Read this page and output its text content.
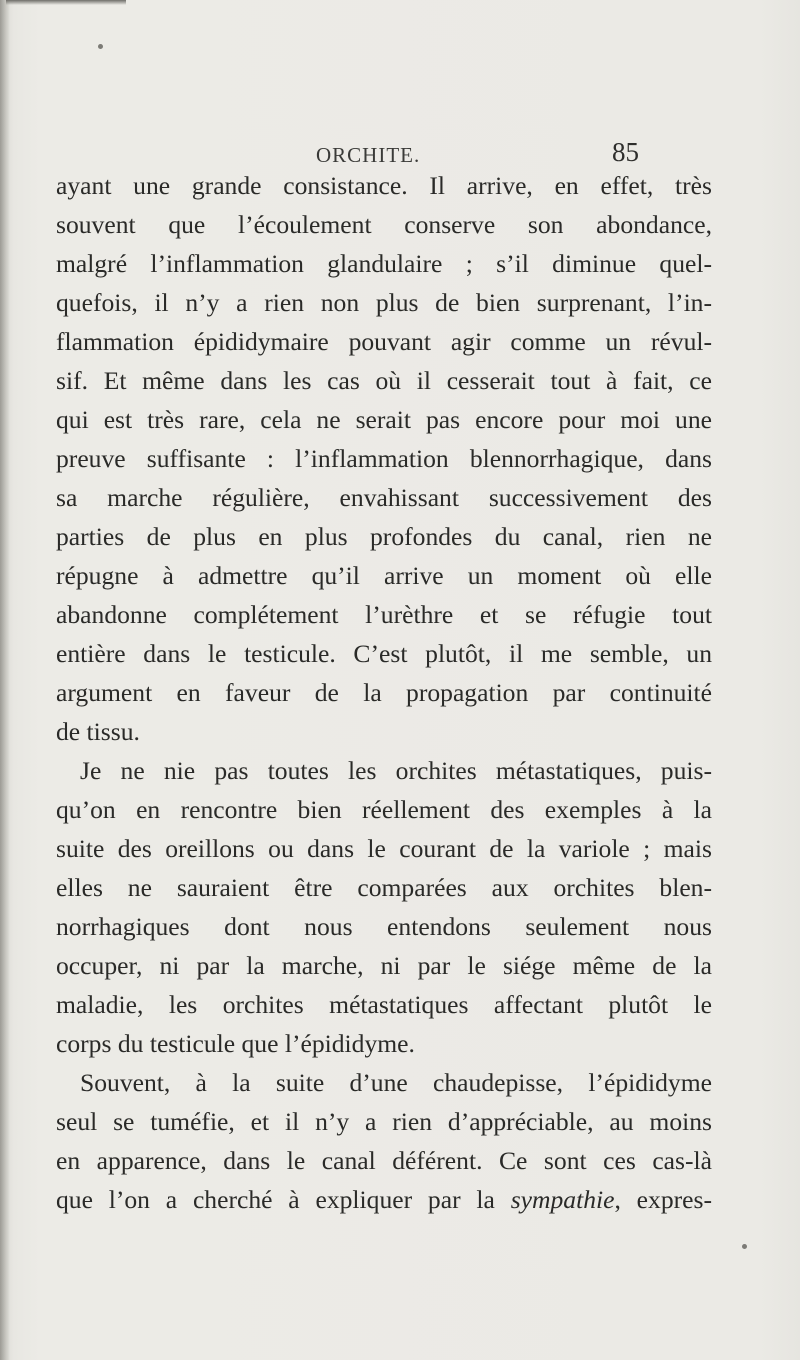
ORCHITE.	85
ayant une grande consistance. Il arrive, en effet, très
souvent que l’écoulement conserve son abondance,
malgré l’inflammation glandulaire ; s’il diminue quel-
quefois, il n’y a rien non plus de bien surprenant, l’in-
flammation épididymaire pouvant agir comme un révul-
sif. Et même dans les cas où il cesserait tout à fait, ce
qui est très rare, cela ne serait pas encore pour moi une
preuve suffisante : l’inflammation blennorrhagique, dans
sa marche régulière, envahissant successivement des
parties de plus en plus profondes du canal, rien ne
répugne à admettre qu’il arrive un moment où elle
abandonne complétement l’urèthre et se réfugie tout
entière dans le testicule. C’est plutôt, il me semble, un
argument en faveur de la propagation par continuité
de tissu.
Je ne nie pas toutes les orchites métastatiques, puis-
qu’on en rencontre bien réellement des exemples à la
suite des oreillons ou dans le courant de la variole ; mais
elles ne sauraient être comparées aux orchites blen-
norrhagiques dont nous entendons seulement nous
occuper, ni par la marche, ni par le siége même de la
maladie, les orchites métastatiques affectant plutôt le
corps du testicule que l’épididyme.
Souvent, à la suite d’une chaudepisse, l’épididyme
seul se tuméfie, et il n’y a rien d’appréciable, au moins
en apparence, dans le canal déférent. Ce sont ces cas-là
que l’on a cherché à expliquer par la sympathie, expres-
